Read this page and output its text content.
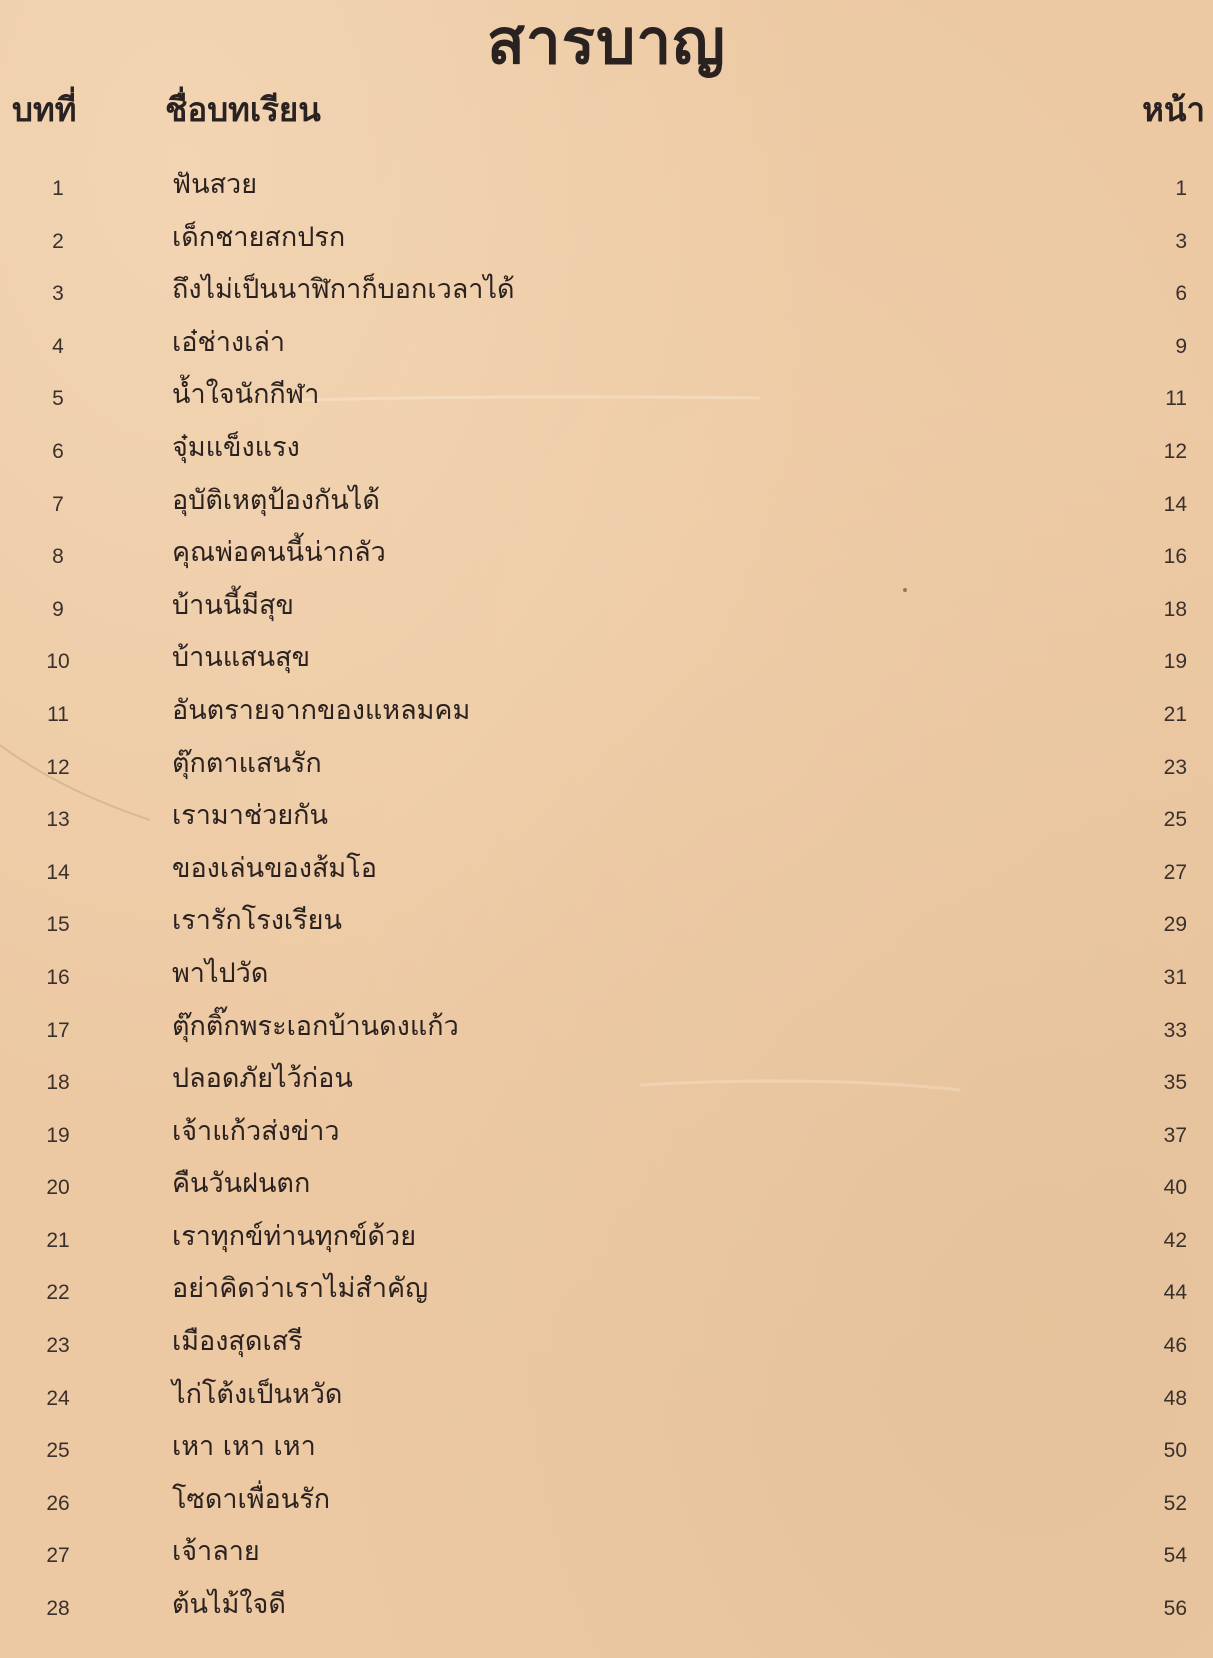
สารบาญ
บทที่	ชื่อบทเรียน	หน้า
1	ฟันสวย	1
2	เด็กชายสกปรก	3
3	ถึงไม่เป็นนาฬิกาก็บอกเวลาได้	6
4	เอ๋ช่างเล่า	9
5	น้ำใจนักกีฬา	11
6	จุ๋มแข็งแรง	12
7	อุบัติเหตุป้องกันได้	14
8	คุณพ่อคนนี้น่ากลัว	16
9	บ้านนี้มีสุข	18
10	บ้านแสนสุข	19
11	อันตรายจากของแหลมคม	21
12	ตุ๊กตาแสนรัก	23
13	เรามาช่วยกัน	25
14	ของเล่นของส้มโอ	27
15	เรารักโรงเรียน	29
16	พาไปวัด	31
17	ตุ๊กติ๊กพระเอกบ้านดงแก้ว	33
18	ปลอดภัยไว้ก่อน	35
19	เจ้าแก้วส่งข่าว	37
20	คืนวันฝนตก	40
21	เราทุกข์ท่านทุกข์ด้วย	42
22	อย่าคิดว่าเราไม่สำคัญ	44
23	เมืองสุดเสรี	46
24	ไก่โต้งเป็นหวัด	48
25	เหา เหา เหา	50
26	โซดาเพื่อนรัก	52
27	เจ้าลาย	54
28	ต้นไม้ใจดี	56
